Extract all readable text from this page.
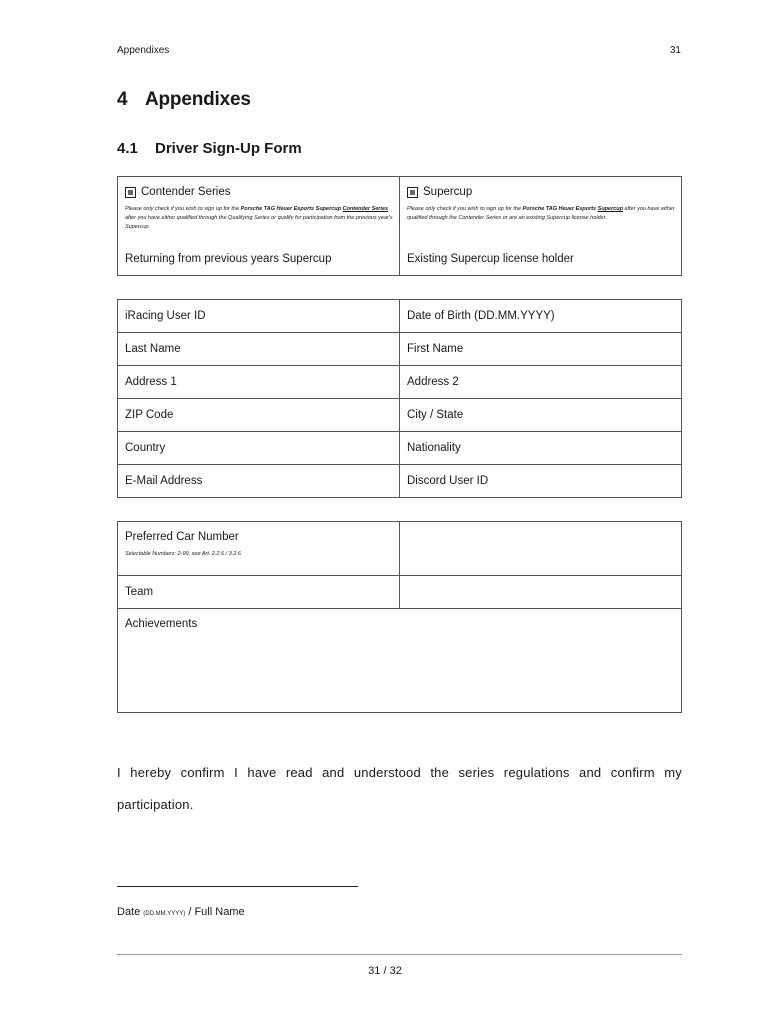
Appendixes	31
4 Appendixes
4.1 Driver Sign-Up Form
Contender Series
Please only check if you wish to sign up for the Porsche TAG Heuer Esports Supercup Contender Series after you have either qualified through the Qualifying Series or qualify for participation from the previous year's Supercup.
Returning from previous years Supercup

Supercup
Please only check if you wish to sign up for the Porsche TAG Heuer Esports Supercup after you have either qualified through the Contender Series or are an existing Supercup license holder.
Existing Supercup license holder
iRacing User ID	Date of Birth (DD.MM.YYYY)
Last Name	First Name
Address 1	Address 2
ZIP Code	City / State
Country	Nationality
E-Mail Address	Discord User ID
Preferred Car Number
Selectable Numbers: 2-99, see Art. 2.2.6 / 3.2.6	

Team	

Achievements	
I hereby confirm I have read and understood the series regulations and confirm my participation.
Date (DD.MM.YYYY) / Full Name
31 / 32
